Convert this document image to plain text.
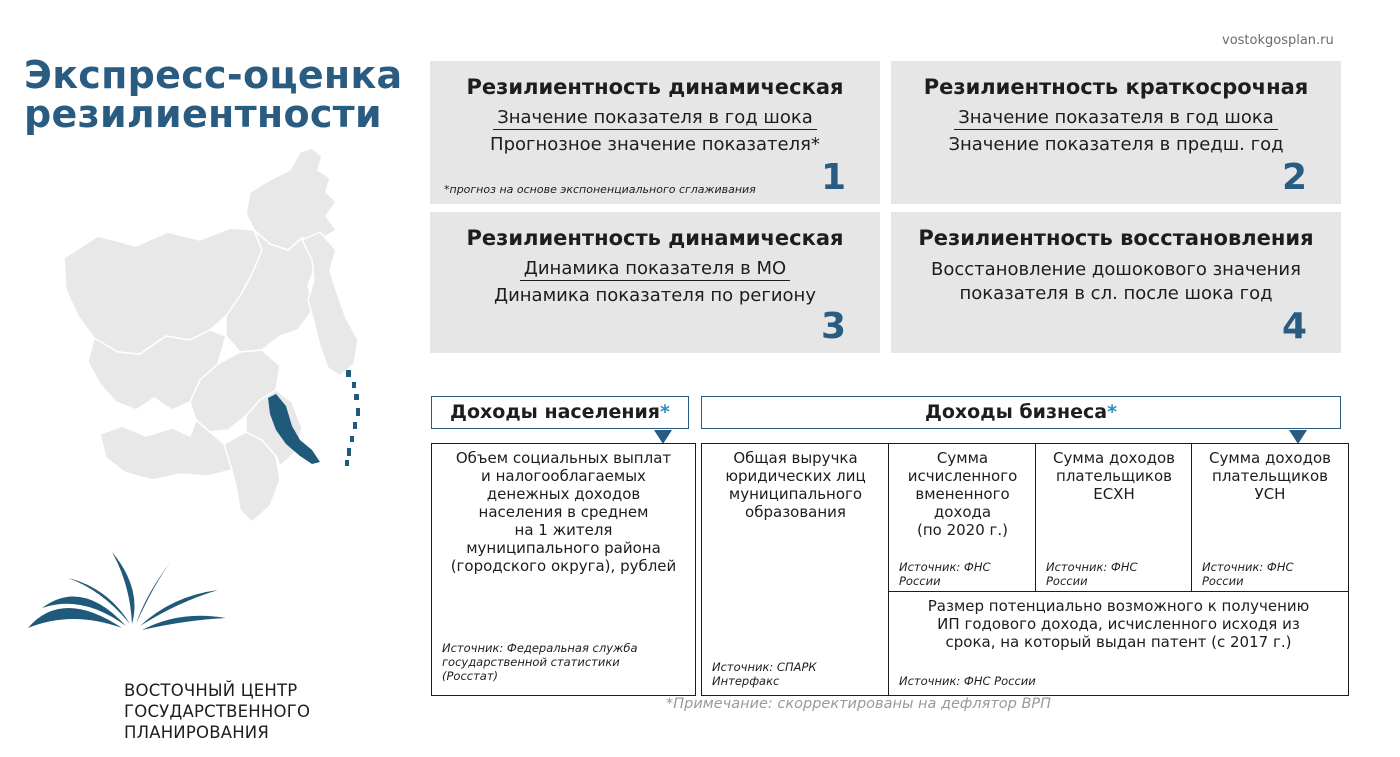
vostokgosplan.ru
Экспресс-оценка
резилиентности

ВОСТОЧНЫЙ ЦЕНТР
ГОСУДАРСТВЕННОГО
ПЛАНИРОВАНИЯ

Резилиентность динамическая
Значение показателя в год шока
Прогнозное значение показателя*
*прогноз на основе экспоненциального сглаживания 1
Резилиентность краткосрочная
Значение показателя в год шока
Значение показателя в предш. год
2
Резилиентность динамическая
Динамика показателя в МО
Динамика показателя по региону
3
Резилиентность восстановления
Восстановление дошокового значения
показателя в сл. после шока год
4
Доходы населения*	Доходы бизнеса*
Объем социальных выплат
и налогооблагаемых
денежных доходов
населения в среднем
на 1 жителя
муниципального района
(городского округа), рублей
Источник: Федеральная служба
государственной статистики
(Росстат)
Общая выручка
юридических лиц
муниципального
образования
Источник: СПАРК
Интерфакс
Сумма
исчисленного
вмененного
дохода
(по 2020 г.)
Источник: ФНС
России
Сумма доходов
плательщиков
ЕСХН
Источник: ФНС
России
Сумма доходов
плательщиков
УСН
Источник: ФНС
России
Размер потенциально возможного к получению
ИП годового дохода, исчисленного исходя из
срока, на который выдан патент (с 2017 г.)
Источник: ФНС России
*Примечание: скорректированы на дефлятор ВРП
